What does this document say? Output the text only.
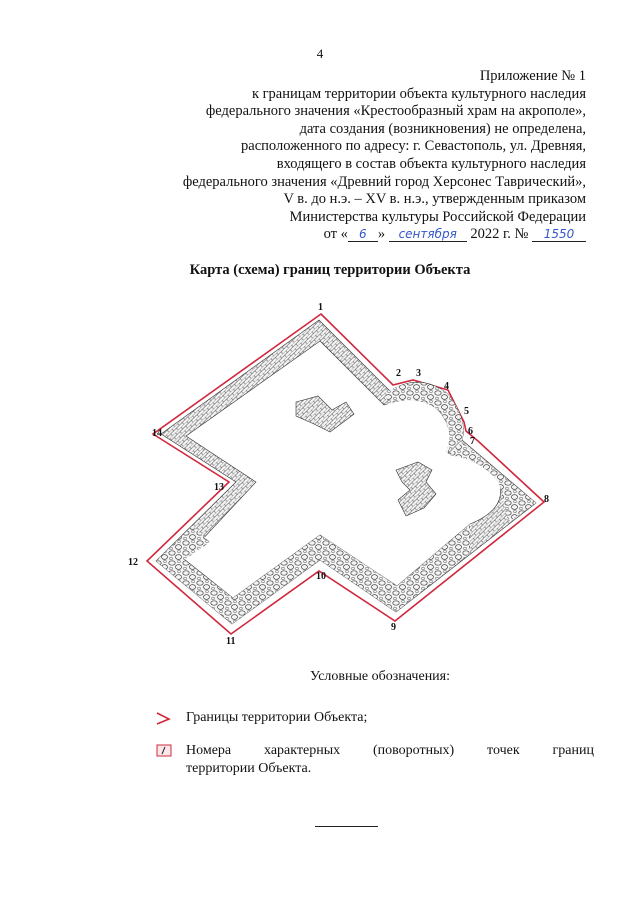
4
Приложение № 1
к границам территории объекта культурного наследия
федерального значения «Крестообразный храм на акрополе»,
дата создания (возникновения) не определена,
расположенного по адресу: г. Севастополь, ул. Древняя,
входящего в состав объекта культурного наследия
федерального значения «Древний город Херсонес Таврический»,
V в. до н.э. – XV в. н.э., утвержденным приказом
Министерства культуры Российской Федерации
от « 6 » сентября 2022 г. № 1550
Карта (схема) границ территории Объекта
1
2 3
4
5
6
7
8
9
10
11
12
13
14
Условные обозначения:
Границы территории Объекта;
Номера характерных (поворотных) точек границ
территории Объекта.
